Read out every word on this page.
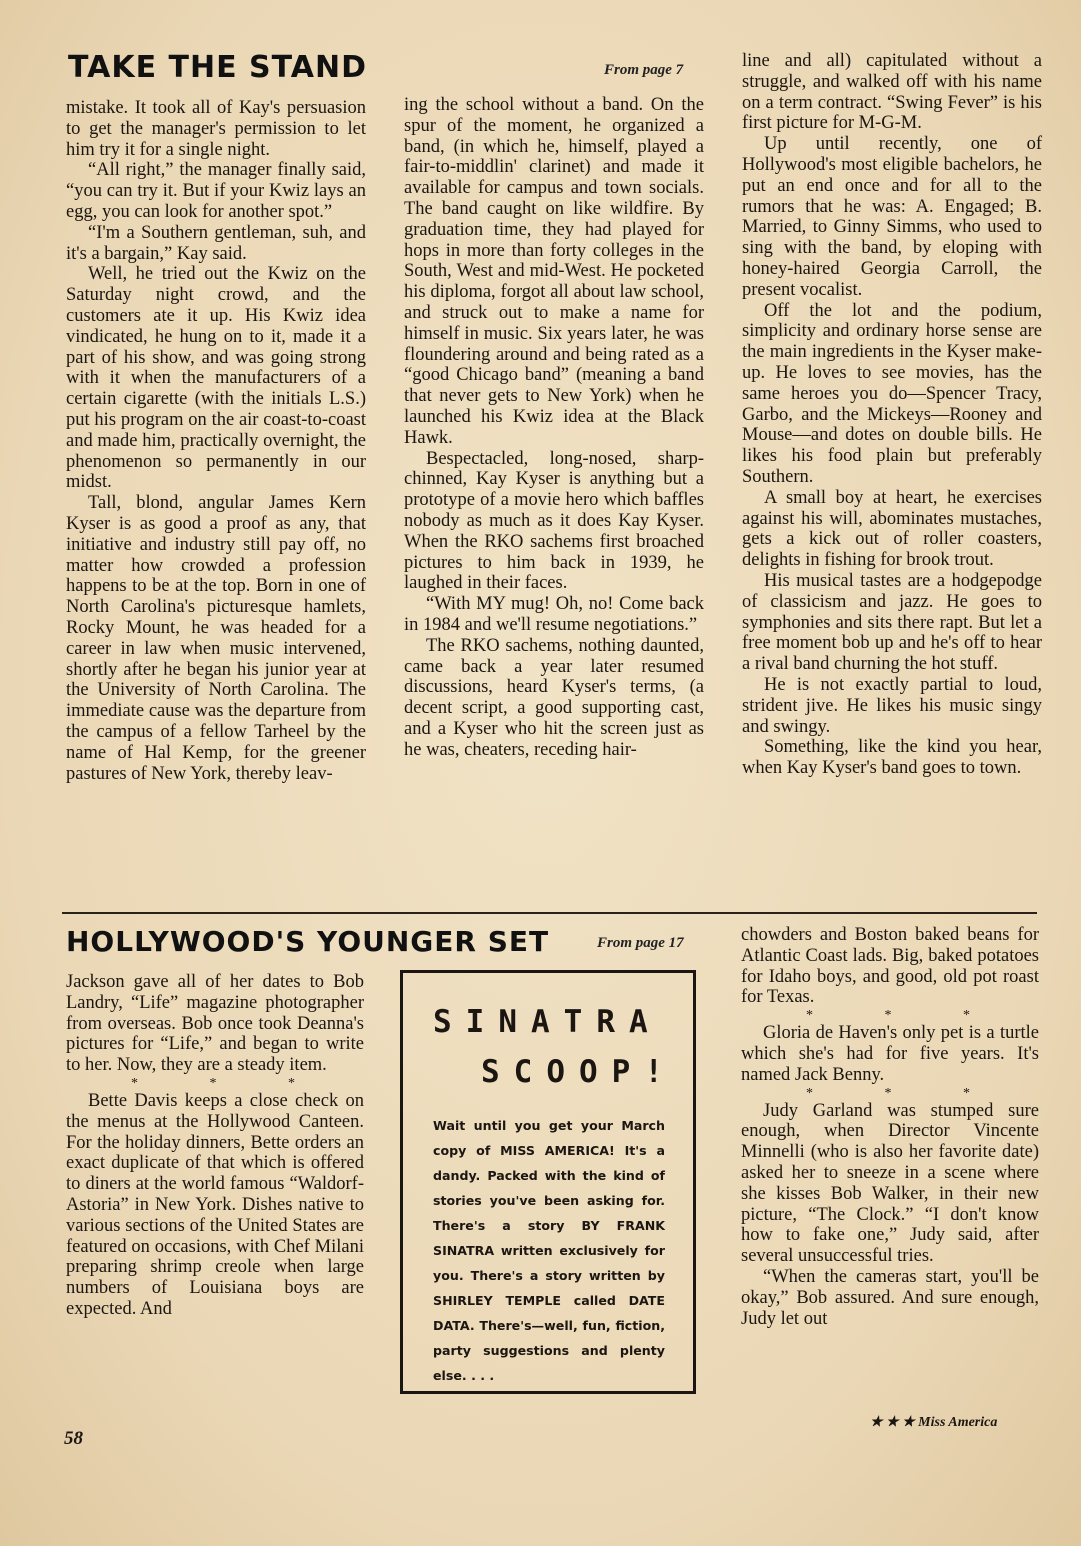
TAKE THE STAND	From page 7

mistake. It took all of Kay's persuasion to get the manager's permission to let him try it for a single night.

“All right,” the manager finally said, “you can try it. But if your Kwiz lays an egg, you can look for another spot.”

“I'm a Southern gentleman, suh, and it's a bargain,” Kay said.

Well, he tried out the Kwiz on the Saturday night crowd, and the customers ate it up. His Kwiz idea vindicated, he hung on to it, made it a part of his show, and was going strong with it when the manufacturers of a certain cigarette (with the initials L.S.) put his program on the air coast-to-coast and made him, practically overnight, the phenomenon so permanently in our midst.

Tall, blond, angular James Kern Kyser is as good a proof as any, that initiative and industry still pay off, no matter how crowded a profession happens to be at the top. Born in one of North Carolina's picturesque hamlets, Rocky Mount, he was headed for a career in law when music intervened, shortly after he began his junior year at the University of North Carolina. The immediate cause was the departure from the campus of a fellow Tarheel by the name of Hal Kemp, for the greener pastures of New York, thereby leav-

ing the school without a band. On the spur of the moment, he organized a band, (in which he, himself, played a fair-to-middlin' clarinet) and made it available for campus and town socials. The band caught on like wildfire. By graduation time, they had played for hops in more than forty colleges in the South, West and mid-West. He pocketed his diploma, forgot all about law school, and struck out to make a name for himself in music. Six years later, he was floundering around and being rated as a “good Chicago band” (meaning a band that never gets to New York) when he launched his Kwiz idea at the Black Hawk.

Bespectacled, long-nosed, sharp-chinned, Kay Kyser is anything but a prototype of a movie hero which baffles nobody as much as it does Kay Kyser. When the RKO sachems first broached pictures to him back in 1939, he laughed in their faces.

“With MY mug! Oh, no! Come back in 1984 and we'll resume negotiations.”

The RKO sachems, nothing daunted, came back a year later resumed discussions, heard Kyser's terms, (a decent script, a good supporting cast, and a Kyser who hit the screen just as he was, cheaters, receding hair-

line and all) capitulated without a struggle, and walked off with his name on a term contract. “Swing Fever” is his first picture for M-G-M.

Up until recently, one of Hollywood's most eligible bachelors, he put an end once and for all to the rumors that he was: A. Engaged; B. Married, to Ginny Simms, who used to sing with the band, by eloping with honey-haired Georgia Carroll, the present vocalist.

Off the lot and the podium, simplicity and ordinary horse sense are the main ingredients in the Kyser make-up. He loves to see movies, has the same heroes you do—Spencer Tracy, Garbo, and the Mickeys—Rooney and Mouse—and dotes on double bills. He likes his food plain but preferably Southern.

A small boy at heart, he exercises against his will, abominates mustaches, gets a kick out of roller coasters, delights in fishing for brook trout.

His musical tastes are a hodgepodge of classicism and jazz. He goes to symphonies and sits there rapt. But let a free moment bob up and he's off to hear a rival band churning the hot stuff.

He is not exactly partial to loud, strident jive. He likes his music singy and swingy.

Something, like the kind you hear, when Kay Kyser's band goes to town.

HOLLYWOOD'S YOUNGER SET	From page 17

Jackson gave all of her dates to Bob Landry, “Life” magazine photographer from overseas. Bob once took Deanna's pictures for “Life,” and began to write to her. Now, they are a steady item.

* * *

Bette Davis keeps a close check on the menus at the Hollywood Canteen. For the holiday dinners, Bette orders an exact duplicate of that which is offered to diners at the world famous “Waldorf-Astoria” in New York. Dishes native to various sections of the United States are featured on occasions, with Chef Milani preparing shrimp creole when large numbers of Louisiana boys are expected. And

SINATRA
SCOOP!
Wait until you get your March copy of MISS AMERICA! It's a dandy. Packed with the kind of stories you've been asking for. There's a story BY FRANK SINATRA written exclusively for you. There's a story written by SHIRLEY TEMPLE called DATE DATA. There's—well, fun, fiction, party suggestions and plenty else. . . .

chowders and Boston baked beans for Atlantic Coast lads. Big, baked potatoes for Idaho boys, and good, old pot roast for Texas.

* * *

Gloria de Haven's only pet is a turtle which she's had for five years. It's named Jack Benny.

* * *

Judy Garland was stumped sure enough, when Director Vincente Minnelli (who is also her favorite date) asked her to sneeze in a scene where she kisses Bob Walker, in their new picture, “The Clock.” “I don't know how to fake one,” Judy said, after several unsuccessful tries.

“When the cameras start, you'll be okay,” Bob assured. And sure enough, Judy let out

58
★ ★ ★ Miss America
